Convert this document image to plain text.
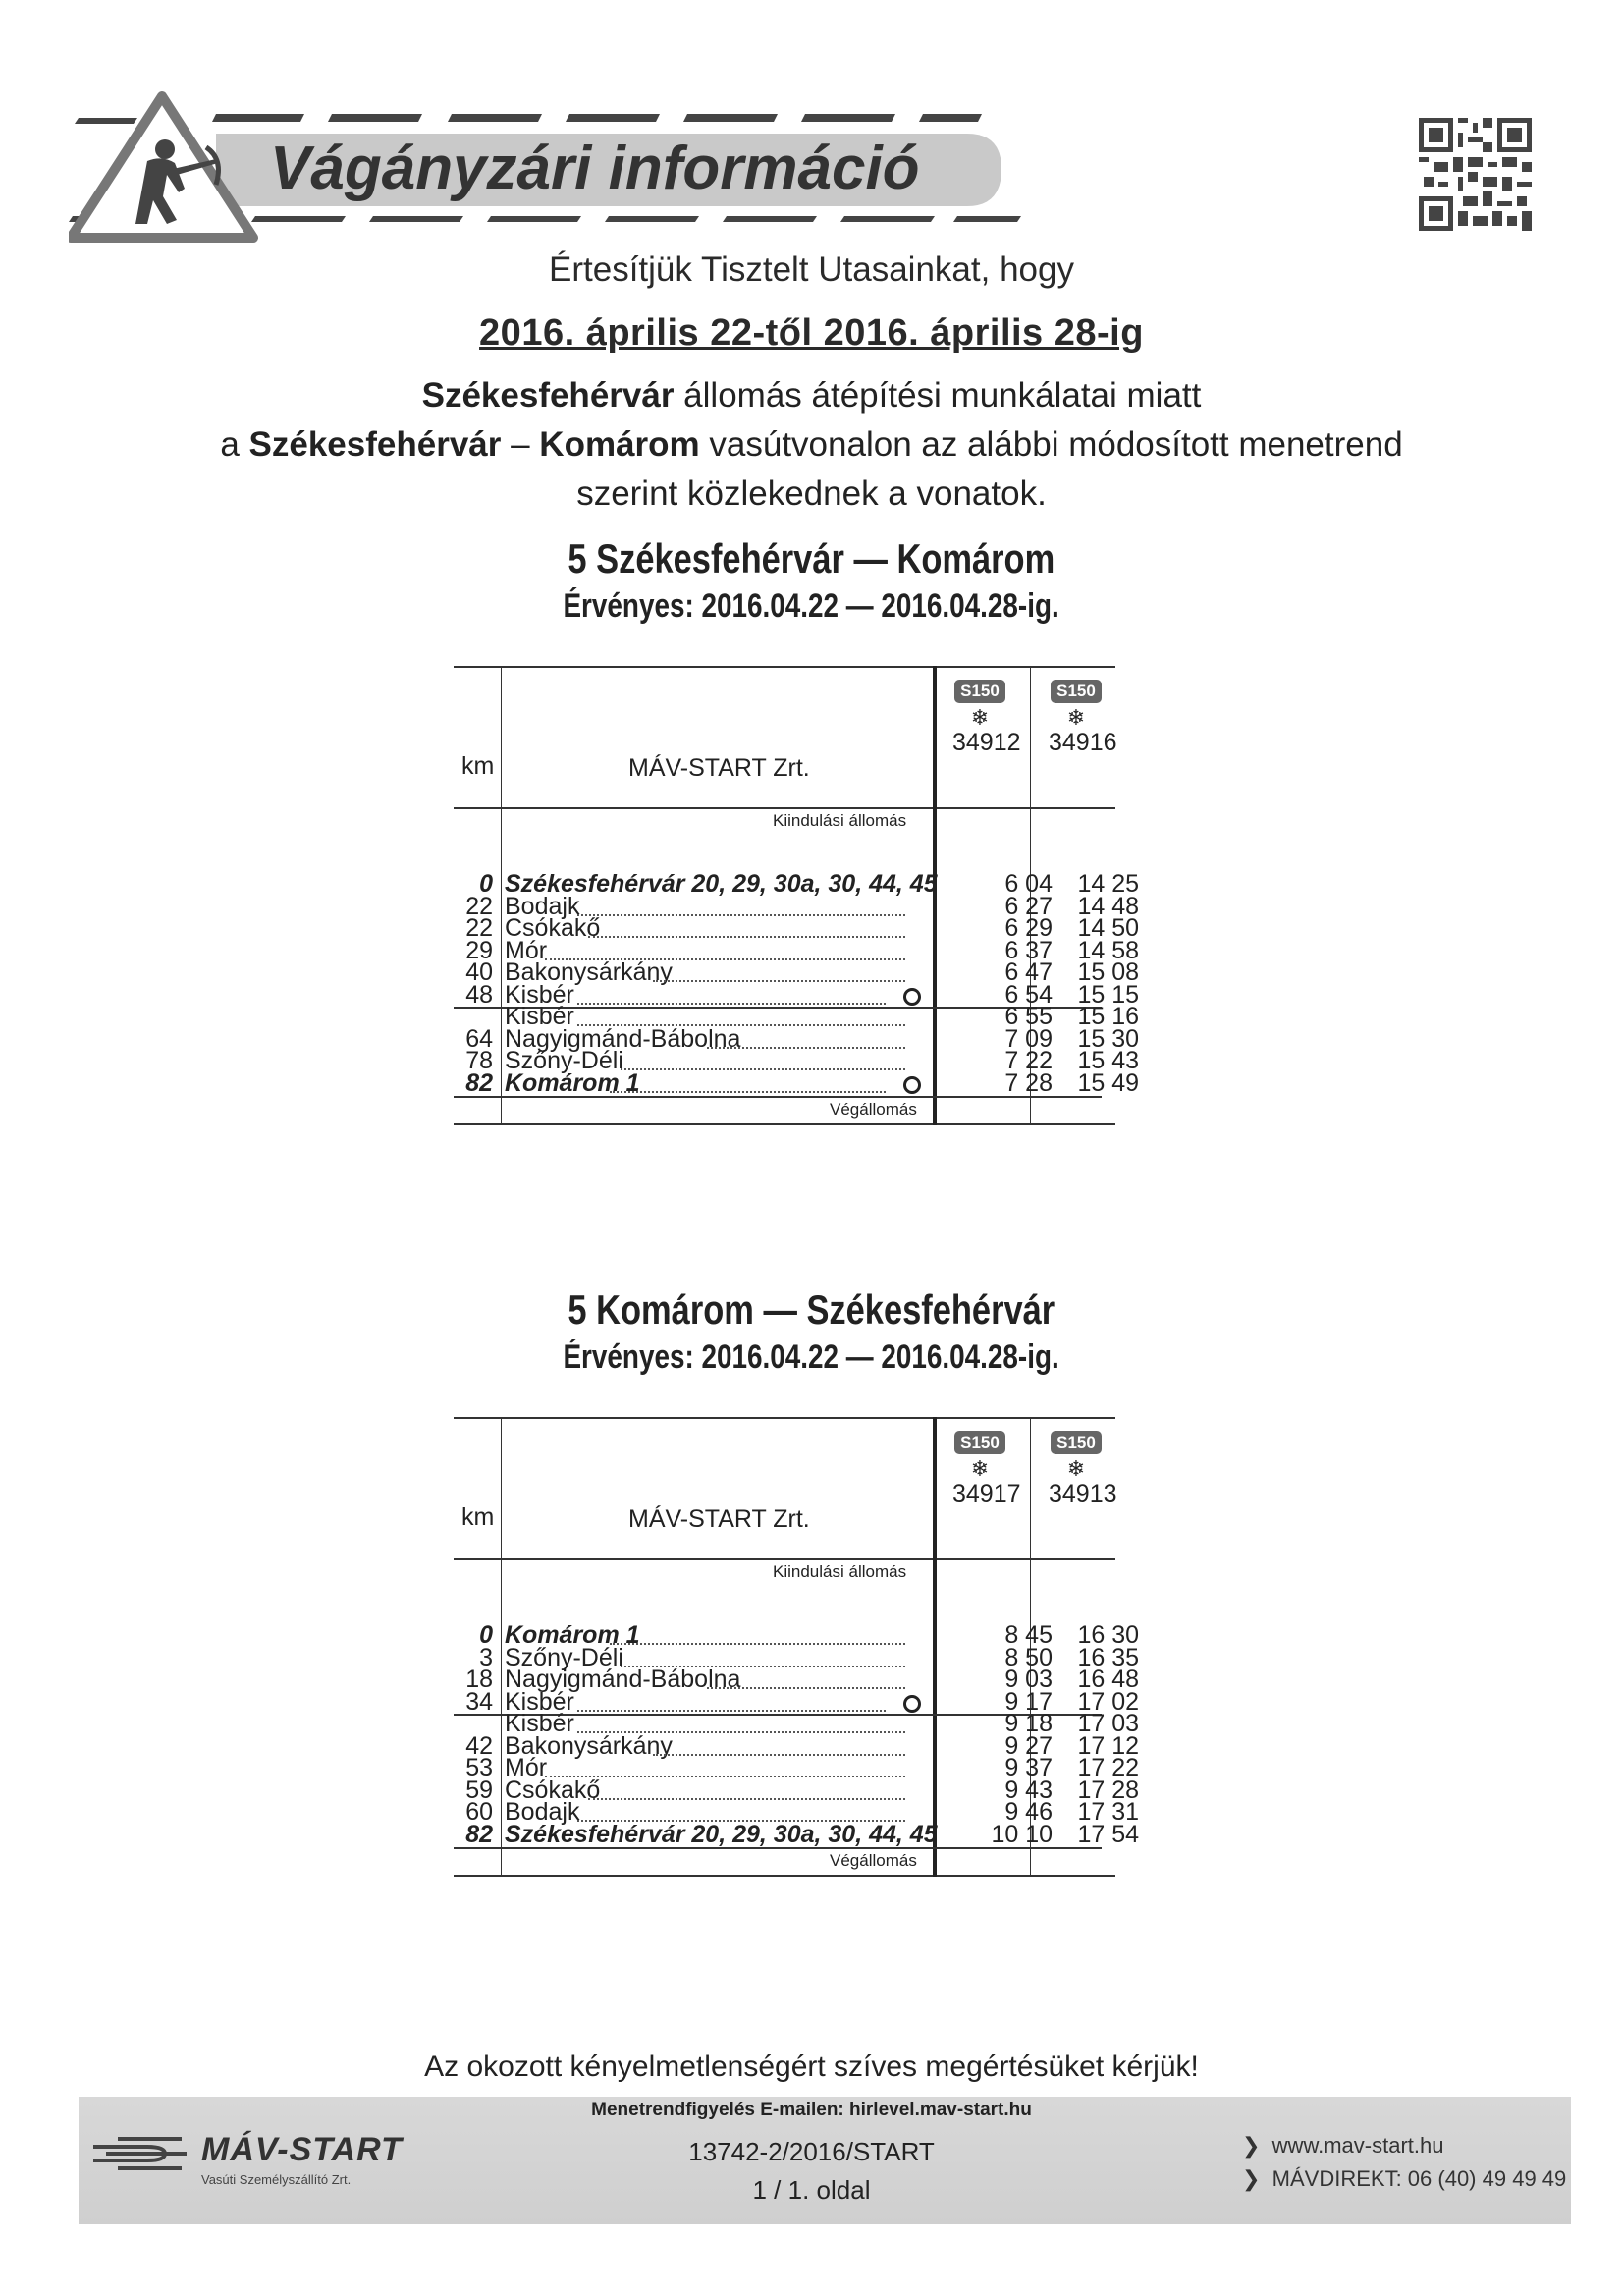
Vágányzári információ
Értesítjük Tisztelt Utasainkat, hogy
2016. április 22-től 2016. április 28-ig
Székesfehérvár állomás átépítési munkálatai miatt
a Székesfehérvár – Komárom vasútvonalon az alábbi módosított menetrend
szerint közlekednek a vonatok.
5 Székesfehérvár — Komárom
Érvényes: 2016.04.22 — 2016.04.28-ig.
km	MÁV-START Zrt.
S150
❄
34912
S150
❄
34916
Kiindulási állomás
Végállomás
0 Székesfehérvár 20, 29, 30a, 30, 44, 45	6 04	14 25
22 Bodajk	6 27	14 48
22 Csókakő	6 29	14 50
29 Mór	6 37	14 58
40 Bakonysárkány	6 47	15 08
48 Kisbér	6 54	15 15
Kisbér	6 55	15 16
64 Nagyigmánd-Bábolna	7 09	15 30
78 Szőny-Déli	7 22	15 43
82 Komárom 1	7 28	15 49
5 Komárom — Székesfehérvár
Érvényes: 2016.04.22 — 2016.04.28-ig.
km	MÁV-START Zrt.
S150
❄
34917
S150
❄
34913
Kiindulási állomás
Végállomás
0 Komárom 1	8 45	16 30
3 Szőny-Déli	8 50	16 35
18 Nagyigmánd-Bábolna	9 03	16 48
34 Kisbér	9 17	17 02
Kisbér	9 18	17 03
42 Bakonysárkány	9 27	17 12
53 Mór	9 37	17 22
59 Csókakő	9 43	17 28
60 Bodajk	9 46	17 31
82 Székesfehérvár 20, 29, 30a, 30, 44, 45	10 10	17 54
Az okozott kényelmetlenségért szíves megértésüket kérjük!
Menetrendfigyelés E-mailen: hirlevel.mav-start.hu
13742-2/2016/START
1 / 1. oldal
MÁV-START
Vasúti Személyszállító Zrt.
❯ www.mav-start.hu
❯ MÁVDIREKT: 06 (40) 49 49 49
